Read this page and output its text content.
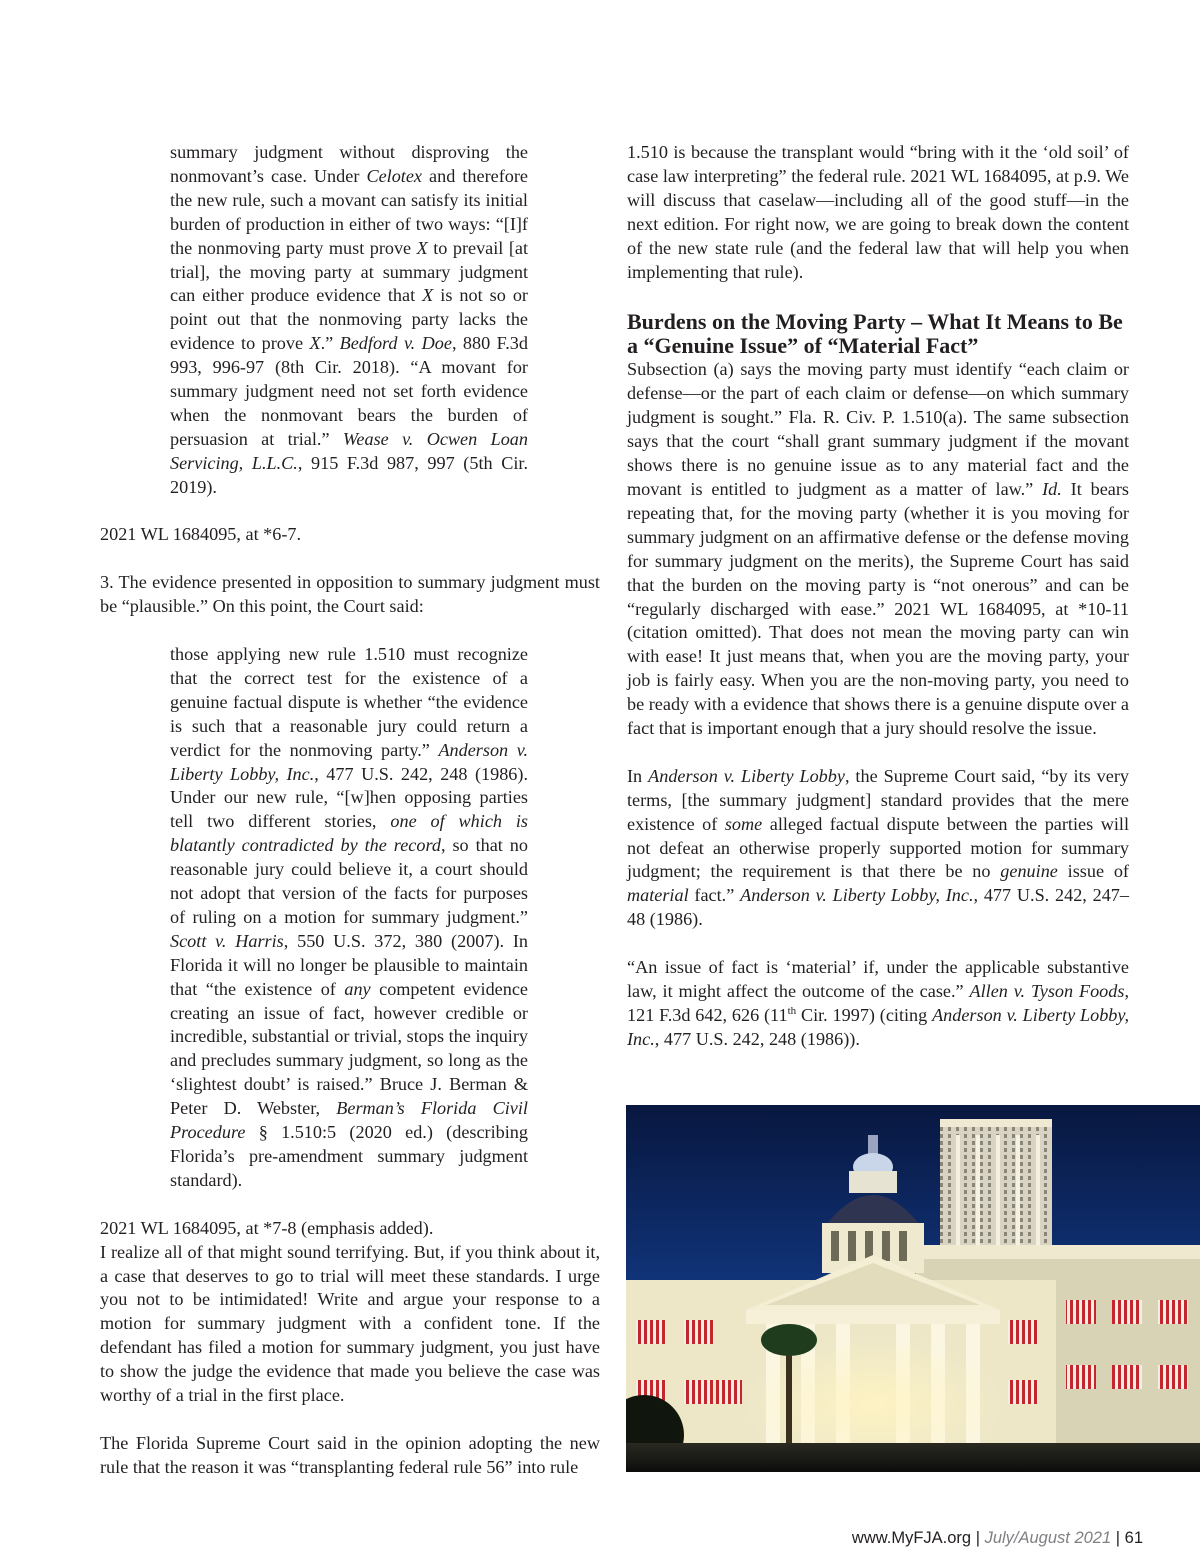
summary judgment without disproving the nonmovant’s case. Under Celotex and therefore the new rule, such a movant can satisfy its initial burden of production in either of two ways: “[I]f the nonmoving party must prove X to prevail [at trial], the moving party at summary judgment can either produce evidence that X is not so or point out that the nonmoving party lacks the evidence to prove X.” Bedford v. Doe, 880 F.3d 993, 996-97 (8th Cir. 2018). “A movant for summary judgment need not set forth evidence when the nonmovant bears the burden of persuasion at trial.” Wease v. Ocwen Loan Servicing, L.L.C., 915 F.3d 987, 997 (5th Cir. 2019).

2021 WL 1684095, at *6-7.

3. The evidence presented in opposition to summary judgment must be “plausible.” On this point, the Court said:

those applying new rule 1.510 must recognize that the correct test for the existence of a genuine factual dispute is whether “the evidence is such that a reasonable jury could return a verdict for the nonmoving party.” Anderson v. Liberty Lobby, Inc., 477 U.S. 242, 248 (1986). Under our new rule, “[w]hen opposing parties tell two different stories, one of which is blatantly contradicted by the record, so that no reasonable jury could believe it, a court should not adopt that version of the facts for purposes of ruling on a motion for summary judgment.” Scott v. Harris, 550 U.S. 372, 380 (2007). In Florida it will no longer be plausible to maintain that “the existence of any competent evidence creating an issue of fact, however credible or incredible, substantial or trivial, stops the inquiry and precludes summary judgment, so long as the ‘slightest doubt’ is raised.” Bruce J. Berman & Peter D. Webster, Berman’s Florida Civil Procedure § 1.510:5 (2020 ed.) (describing Florida’s pre-amendment summary judgment standard).

2021 WL 1684095, at *7-8 (emphasis added).

I realize all of that might sound terrifying. But, if you think about it, a case that deserves to go to trial will meet these standards. I urge you not to be intimidated! Write and argue your response to a motion for summary judgment with a confident tone. If the defendant has filed a motion for summary judgment, you just have to show the judge the evidence that made you believe the case was worthy of a trial in the first place.

The Florida Supreme Court said in the opinion adopting the new rule that the reason it was “transplanting federal rule 56” into rule

1.510 is because the transplant would “bring with it the ‘old soil’ of case law interpreting” the federal rule. 2021 WL 1684095, at p.9. We will discuss that caselaw—including all of the good stuff—in the next edition. For right now, we are going to break down the content of the new state rule (and the federal law that will help you when implementing that rule).

Burdens on the Moving Party – What It Means to Be a “Genuine Issue” of “Material Fact”

Subsection (a) says the moving party must identify “each claim or defense—or the part of each claim or defense—on which summary judgment is sought.” Fla. R. Civ. P. 1.510(a). The same subsection says that the court “shall grant summary judgment if the movant shows there is no genuine issue as to any material fact and the movant is entitled to judgment as a matter of law.” Id. It bears repeating that, for the moving party (whether it is you moving for summary judgment on an affirmative defense or the defense moving for summary judgment on the merits), the Supreme Court has said that the burden on the moving party is “not onerous” and can be “regularly discharged with ease.” 2021 WL 1684095, at *10-11 (citation omitted). That does not mean the moving party can win with ease! It just means that, when you are the moving party, your job is fairly easy. When you are the non-moving party, you need to be ready with a evidence that shows there is a genuine dispute over a fact that is important enough that a jury should resolve the issue.

In Anderson v. Liberty Lobby, the Supreme Court said, “by its very terms, [the summary judgment] standard provides that the mere existence of some alleged factual dispute between the parties will not defeat an otherwise properly supported motion for summary judgment; the requirement is that there be no genuine issue of material fact.” Anderson v. Liberty Lobby, Inc., 477 U.S. 242, 247–48 (1986).

“An issue of fact is ‘material’ if, under the applicable substantive law, it might affect the outcome of the case.” Allen v. Tyson Foods, 121 F.3d 642, 626 (11th Cir. 1997) (citing Anderson v. Liberty Lobby, Inc., 477 U.S. 242, 248 (1986)).

www.MyFJA.org | July/August 2021 | 61
